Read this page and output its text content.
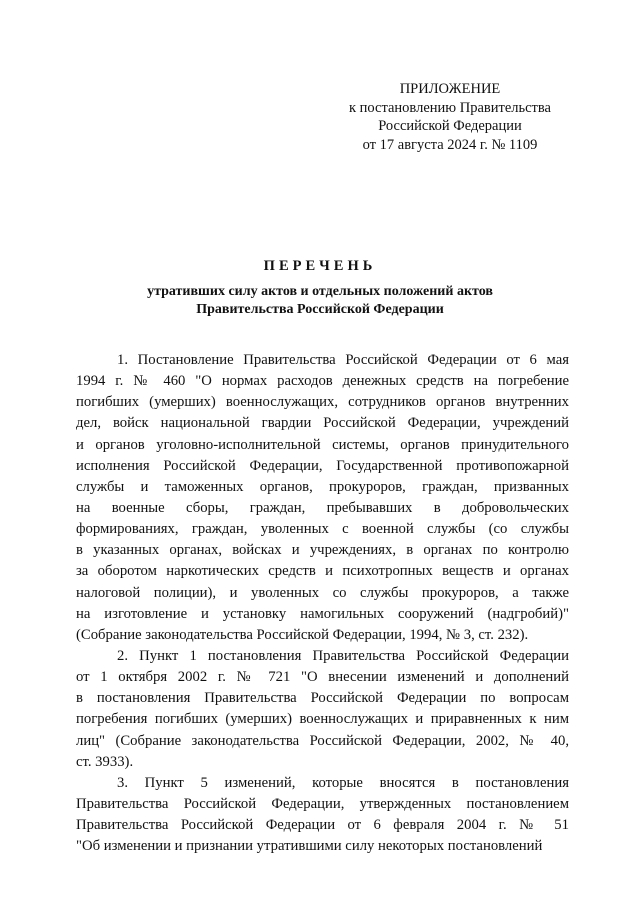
ПРИЛОЖЕНИЕ
к постановлению Правительства
Российской Федерации
от 17 августа 2024 г. № 1109
ПЕРЕЧЕНЬ
утративших силу актов и отдельных положений актов
Правительства Российской Федерации
1. Постановление Правительства Российской Федерации от 6 мая
1994 г. № 460 "О нормах расходов денежных средств на погребение
погибших (умерших) военнослужащих, сотрудников органов внутренних
дел, войск национальной гвардии Российской Федерации, учреждений
и органов уголовно-исполнительной системы, органов принудительного
исполнения Российской Федерации, Государственной противопожарной
службы и таможенных органов, прокуроров, граждан, призванных
на военные сборы, граждан, пребывавших в добровольческих
формированиях, граждан, уволенных с военной службы (со службы
в указанных органах, войсках и учреждениях, в органах по контролю
за оборотом наркотических средств и психотропных веществ и органах
налоговой полиции), и уволенных со службы прокуроров, а также
на изготовление и установку намогильных сооружений (надгробий)"
(Собрание законодательства Российской Федерации, 1994, № 3, ст. 232).
2. Пункт 1 постановления Правительства Российской Федерации
от 1 октября 2002 г. № 721 "О внесении изменений и дополнений
в постановления Правительства Российской Федерации по вопросам
погребения погибших (умерших) военнослужащих и приравненных к ним
лиц" (Собрание законодательства Российской Федерации, 2002, № 40,
ст. 3933).
3. Пункт 5 изменений, которые вносятся в постановления
Правительства Российской Федерации, утвержденных постановлением
Правительства Российской Федерации от 6 февраля 2004 г. № 51
"Об изменении и признании утратившими силу некоторых постановлений
